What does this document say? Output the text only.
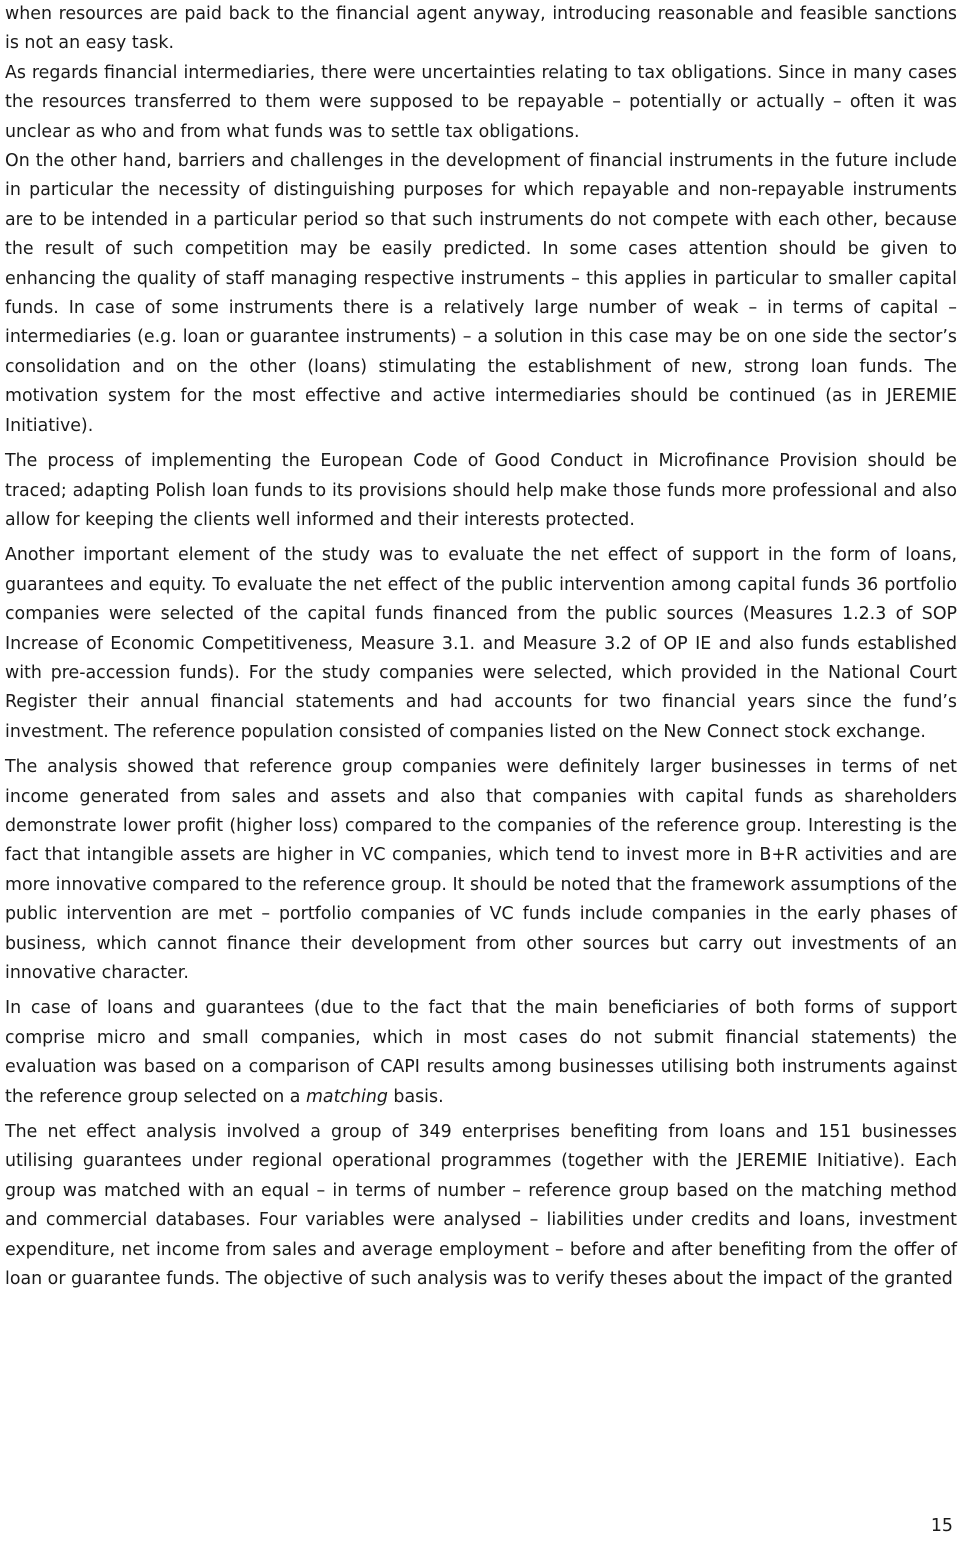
when resources are paid back to the financial agent anyway, introducing reasonable and feasible sanctions is not an easy task.

As regards financial intermediaries, there were uncertainties relating to tax obligations. Since in many cases the resources transferred to them were supposed to be repayable – potentially or actually – often it was unclear as who and from what funds was to settle tax obligations.

On the other hand, barriers and challenges in the development of financial instruments in the future include in particular the necessity of distinguishing purposes for which repayable and non-repayable instruments are to be intended in a particular period so that such instruments do not compete with each other, because the result of such competition may be easily predicted. In some cases attention should be given to enhancing the quality of staff managing respective instruments – this applies in particular to smaller capital funds. In case of some instruments there is a relatively large number of weak – in terms of capital – intermediaries (e.g. loan or guarantee instruments) – a solution in this case may be on one side the sector’s consolidation and on the other (loans) stimulating the establishment of new, strong loan funds. The motivation system for the most effective and active intermediaries should be continued (as in JEREMIE Initiative).

The process of implementing the European Code of Good Conduct in Microfinance Provision should be traced; adapting Polish loan funds to its provisions should help make those funds more professional and also allow for keeping the clients well informed and their interests protected.

Another important element of the study was to evaluate the net effect of support in the form of loans, guarantees and equity. To evaluate the net effect of the public intervention among capital funds 36 portfolio companies were selected of the capital funds financed from the public sources (Measures 1.2.3 of SOP Increase of Economic Competitiveness, Measure 3.1. and Measure 3.2 of OP IE and also funds established with pre-accession funds). For the study companies were selected, which provided in the National Court Register their annual financial statements and had accounts for two financial years since the fund’s investment. The reference population consisted of companies listed on the New Connect stock exchange.

The analysis showed that reference group companies were definitely larger businesses in terms of net income generated from sales and assets and also that companies with capital funds as shareholders demonstrate lower profit (higher loss) compared to the companies of the reference group. Interesting is the fact that intangible assets are higher in VC companies, which tend to invest more in B+R activities and are more innovative compared to the reference group. It should be noted that the framework assumptions of the public intervention are met – portfolio companies of VC funds include companies in the early phases of business, which cannot finance their development from other sources but carry out investments of an innovative character.

In case of loans and guarantees (due to the fact that the main beneficiaries of both forms of support comprise micro and small companies, which in most cases do not submit financial statements) the evaluation was based on a comparison of CAPI results among businesses utilising both instruments against the reference group selected on a matching basis.

The net effect analysis involved a group of 349 enterprises benefiting from loans and 151 businesses utilising guarantees under regional operational programmes (together with the JEREMIE Initiative). Each group was matched with an equal – in terms of number – reference group based on the matching method and commercial databases. Four variables were analysed – liabilities under credits and loans, investment expenditure, net income from sales and average employment – before and after benefiting from the offer of loan or guarantee funds. The objective of such analysis was to verify theses about the impact of the granted

15
